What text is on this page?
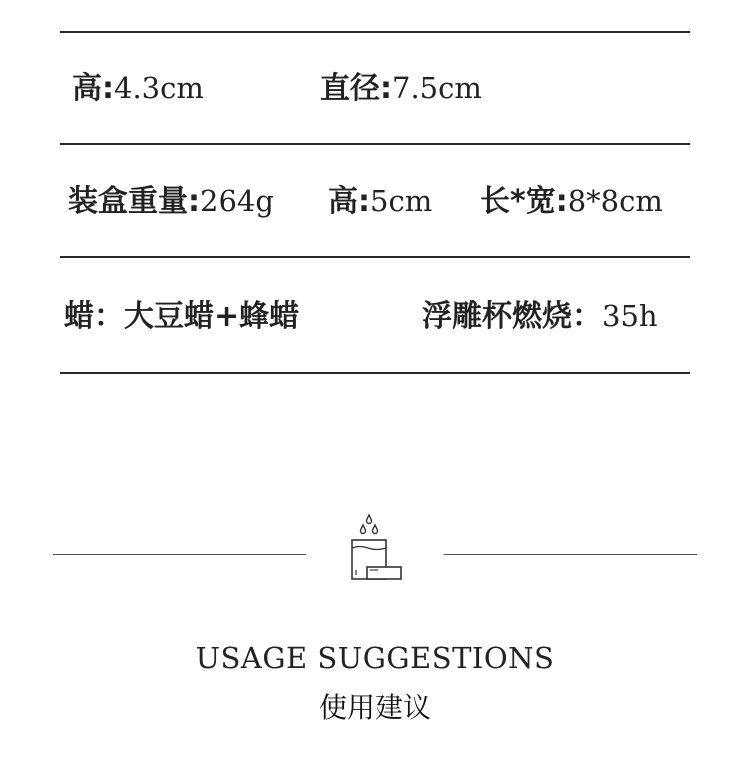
高:4.3cm	直径:7.5cm
装盒重量:264g 高:5cm 长*宽:8*8cm
蜡：大豆蜡+蜂蜡	浮雕杯燃烧：35h
USAGE SUGGESTIONS
使用建议
